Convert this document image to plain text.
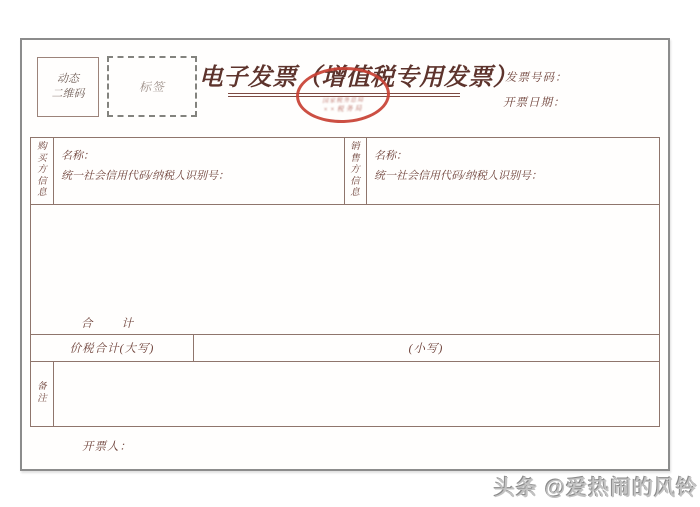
动态
二维码	标签 电子发票（增值税专用发票）
国家税务总局
××税务局
发票号码：
开票日期：
购买方信息
名称：
统一社会信用代码/纳税人识别号：
销售方信息
名称：
统一社会信用代码/纳税人识别号：
合　　计
价税合计(大写)	(小写)
备注
开票人：
头条 @爱热闹的风铃
